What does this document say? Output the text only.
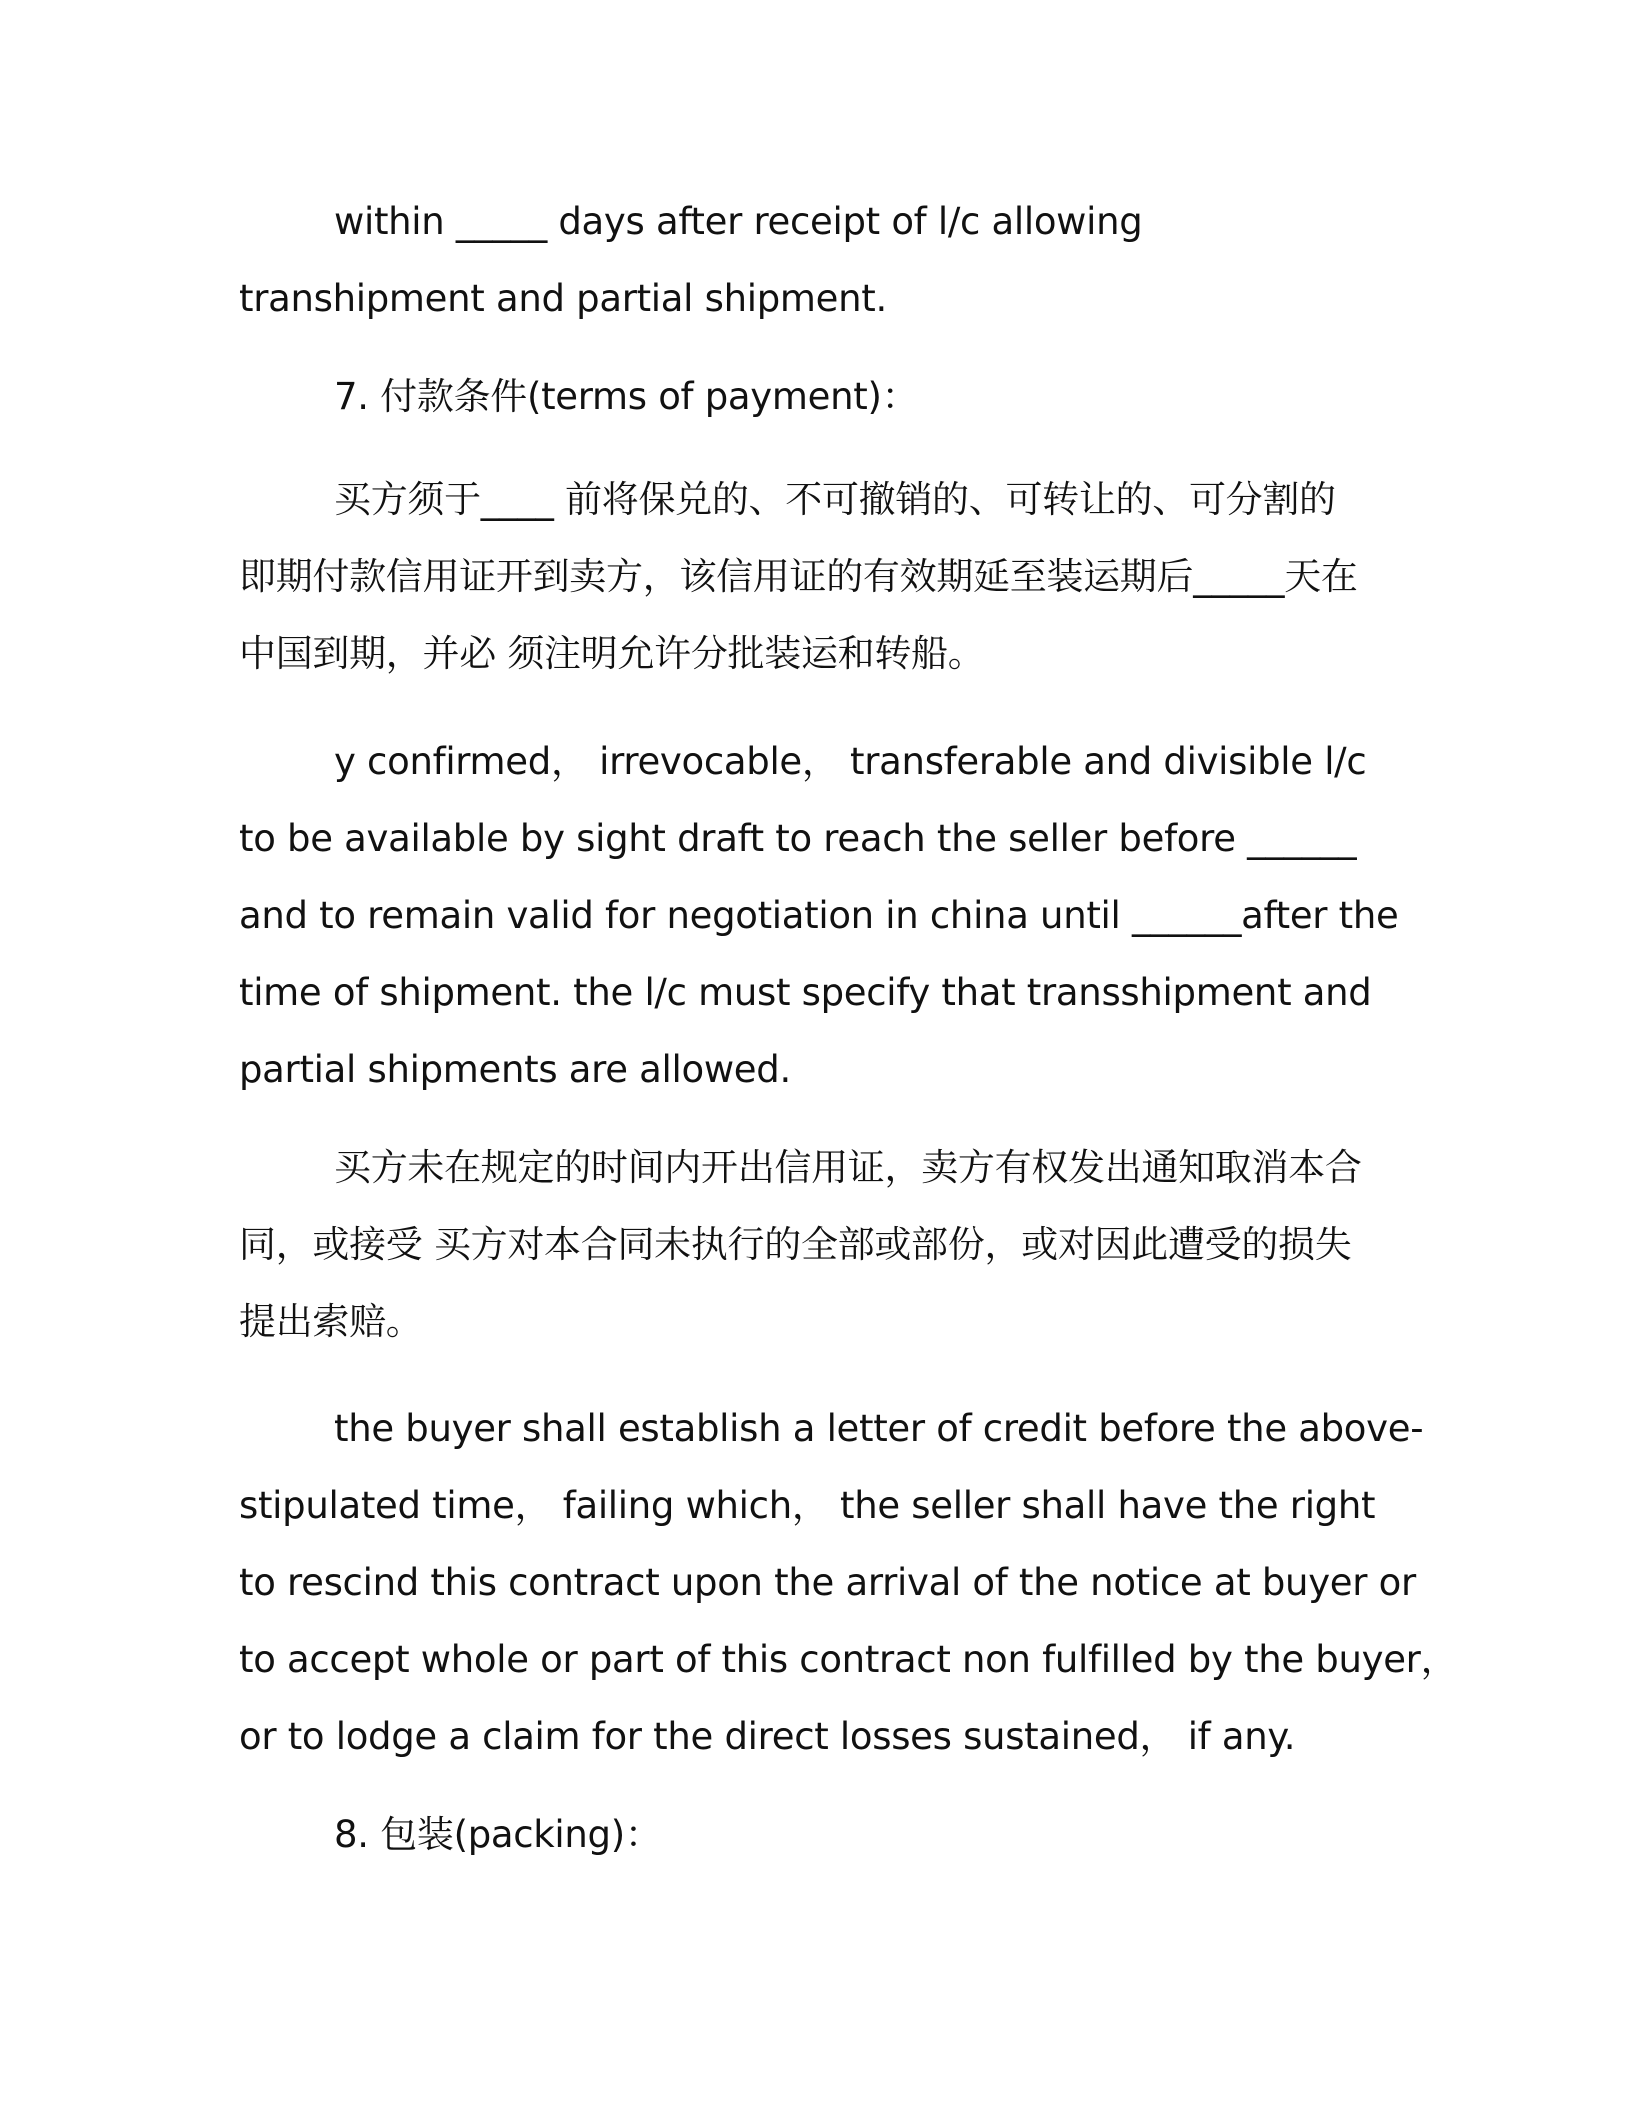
within _____ days after receipt of l/c allowing
transhipment and partial shipment.
7. 付款条件(terms of payment)：
买方须于____ 前将保兑的、不可撤销的、可转让的、可分割的
即期付款信用证开到卖方，该信用证的有效期延至装运期后_____天在
中国到期，并必 须注明允许分批装运和转船。
y confirmed， irrevocable， transferable and divisible l/c
to be available by sight draft to reach the seller before ______
and to remain valid for negotiation in china until ______after the
time of shipment. the l/c must specify that transshipment and
partial shipments are allowed.
买方未在规定的时间内开出信用证，卖方有权发出通知取消本合
同，或接受 买方对本合同未执行的全部或部份，或对因此遭受的损失
提出索赔。
the buyer shall establish a letter of credit before the above-
stipulated time， failing which， the seller shall have the right
to rescind this contract upon the arrival of the notice at buyer or
to accept whole or part of this contract non fulfilled by the buyer，
or to lodge a claim for the direct losses sustained， if any.
8. 包装(packing)：
